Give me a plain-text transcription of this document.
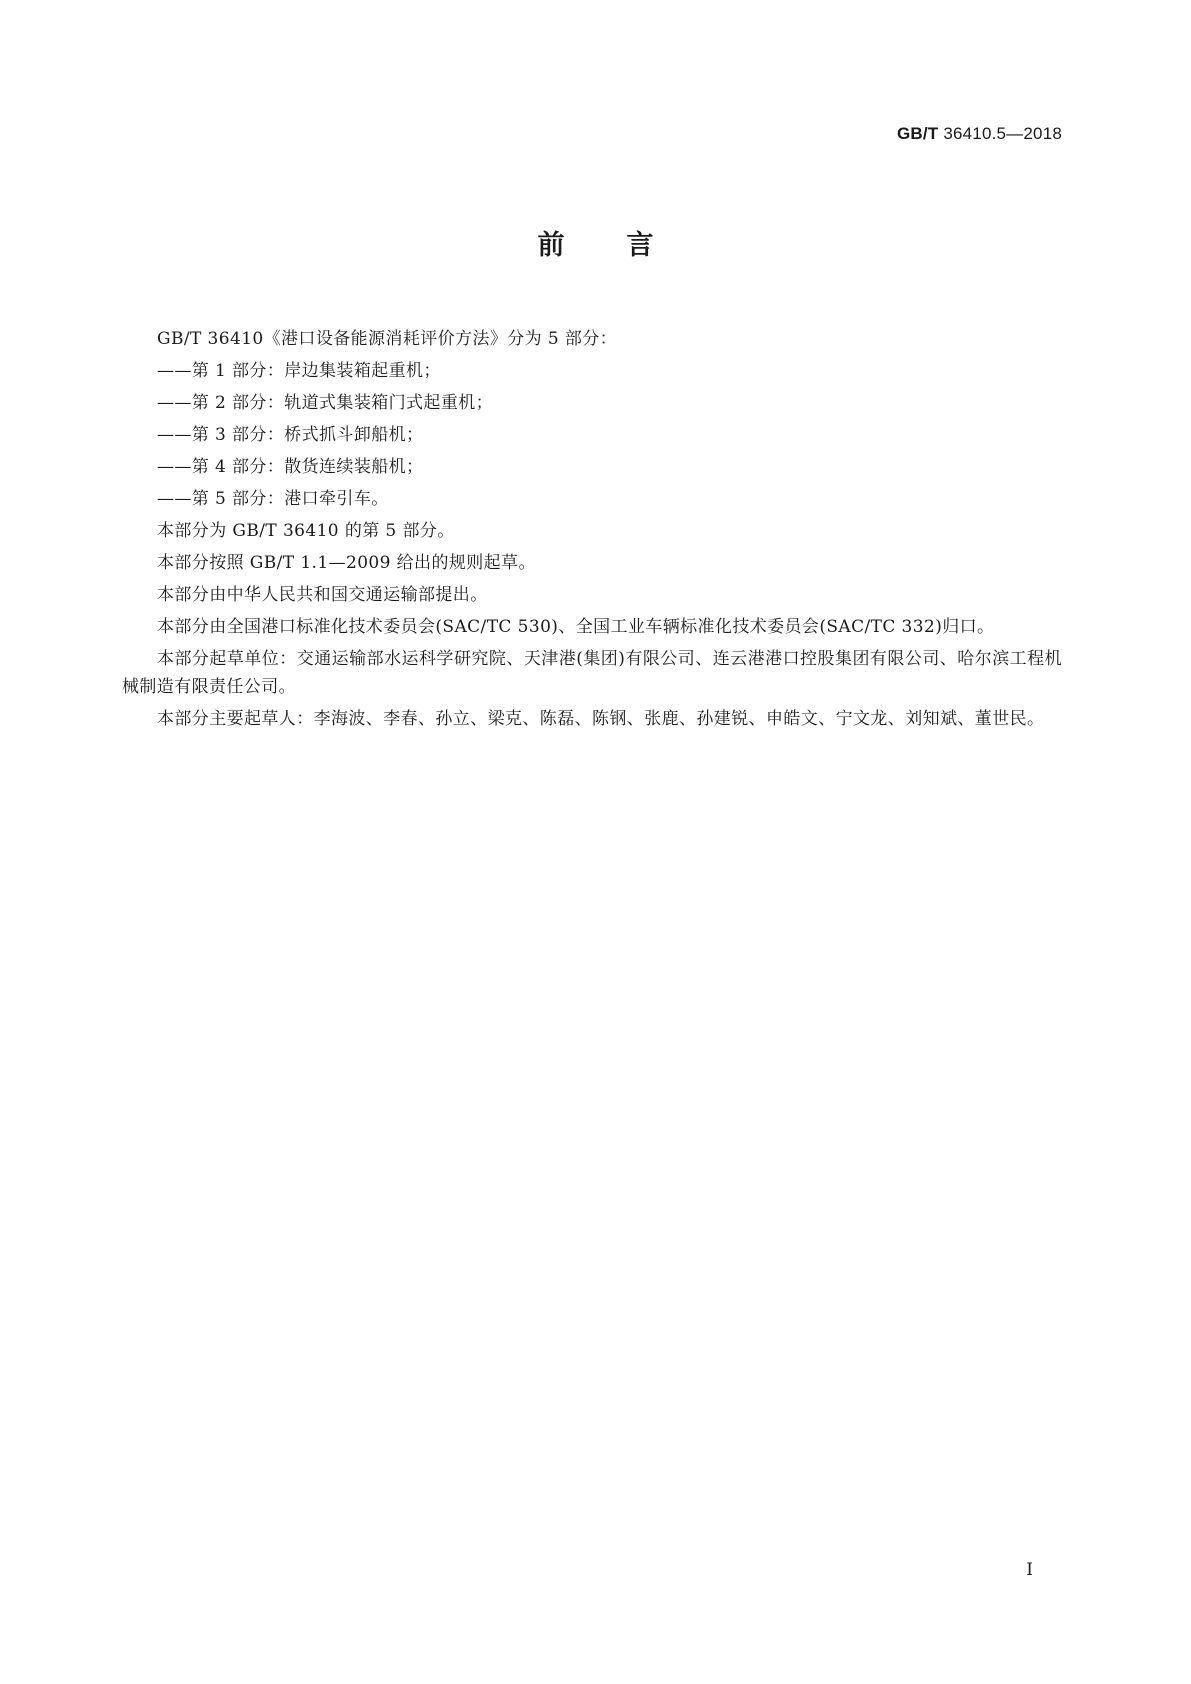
GB/T 36410.5—2018
前言

GB/T 36410《港口设备能源消耗评价方法》分为 5 部分：

——第 1 部分：岸边集装箱起重机；

——第 2 部分：轨道式集装箱门式起重机；

——第 3 部分：桥式抓斗卸船机；

——第 4 部分：散货连续装船机；

——第 5 部分：港口牵引车。

本部分为 GB/T 36410 的第 5 部分。

本部分按照 GB/T 1.1—2009 给出的规则起草。

本部分由中华人民共和国交通运输部提出。

本部分由全国港口标准化技术委员会(SAC/TC 530)、全国工业车辆标准化技术委员会(SAC/TC 332)归口。

本部分起草单位：交通运输部水运科学研究院、天津港(集团)有限公司、连云港港口控股集团有限公司、哈尔滨工程机械制造有限责任公司。

本部分主要起草人：李海波、李春、孙立、梁克、陈磊、陈钢、张鹿、孙建锐、申皓文、宁文龙、刘知斌、董世民。

I
